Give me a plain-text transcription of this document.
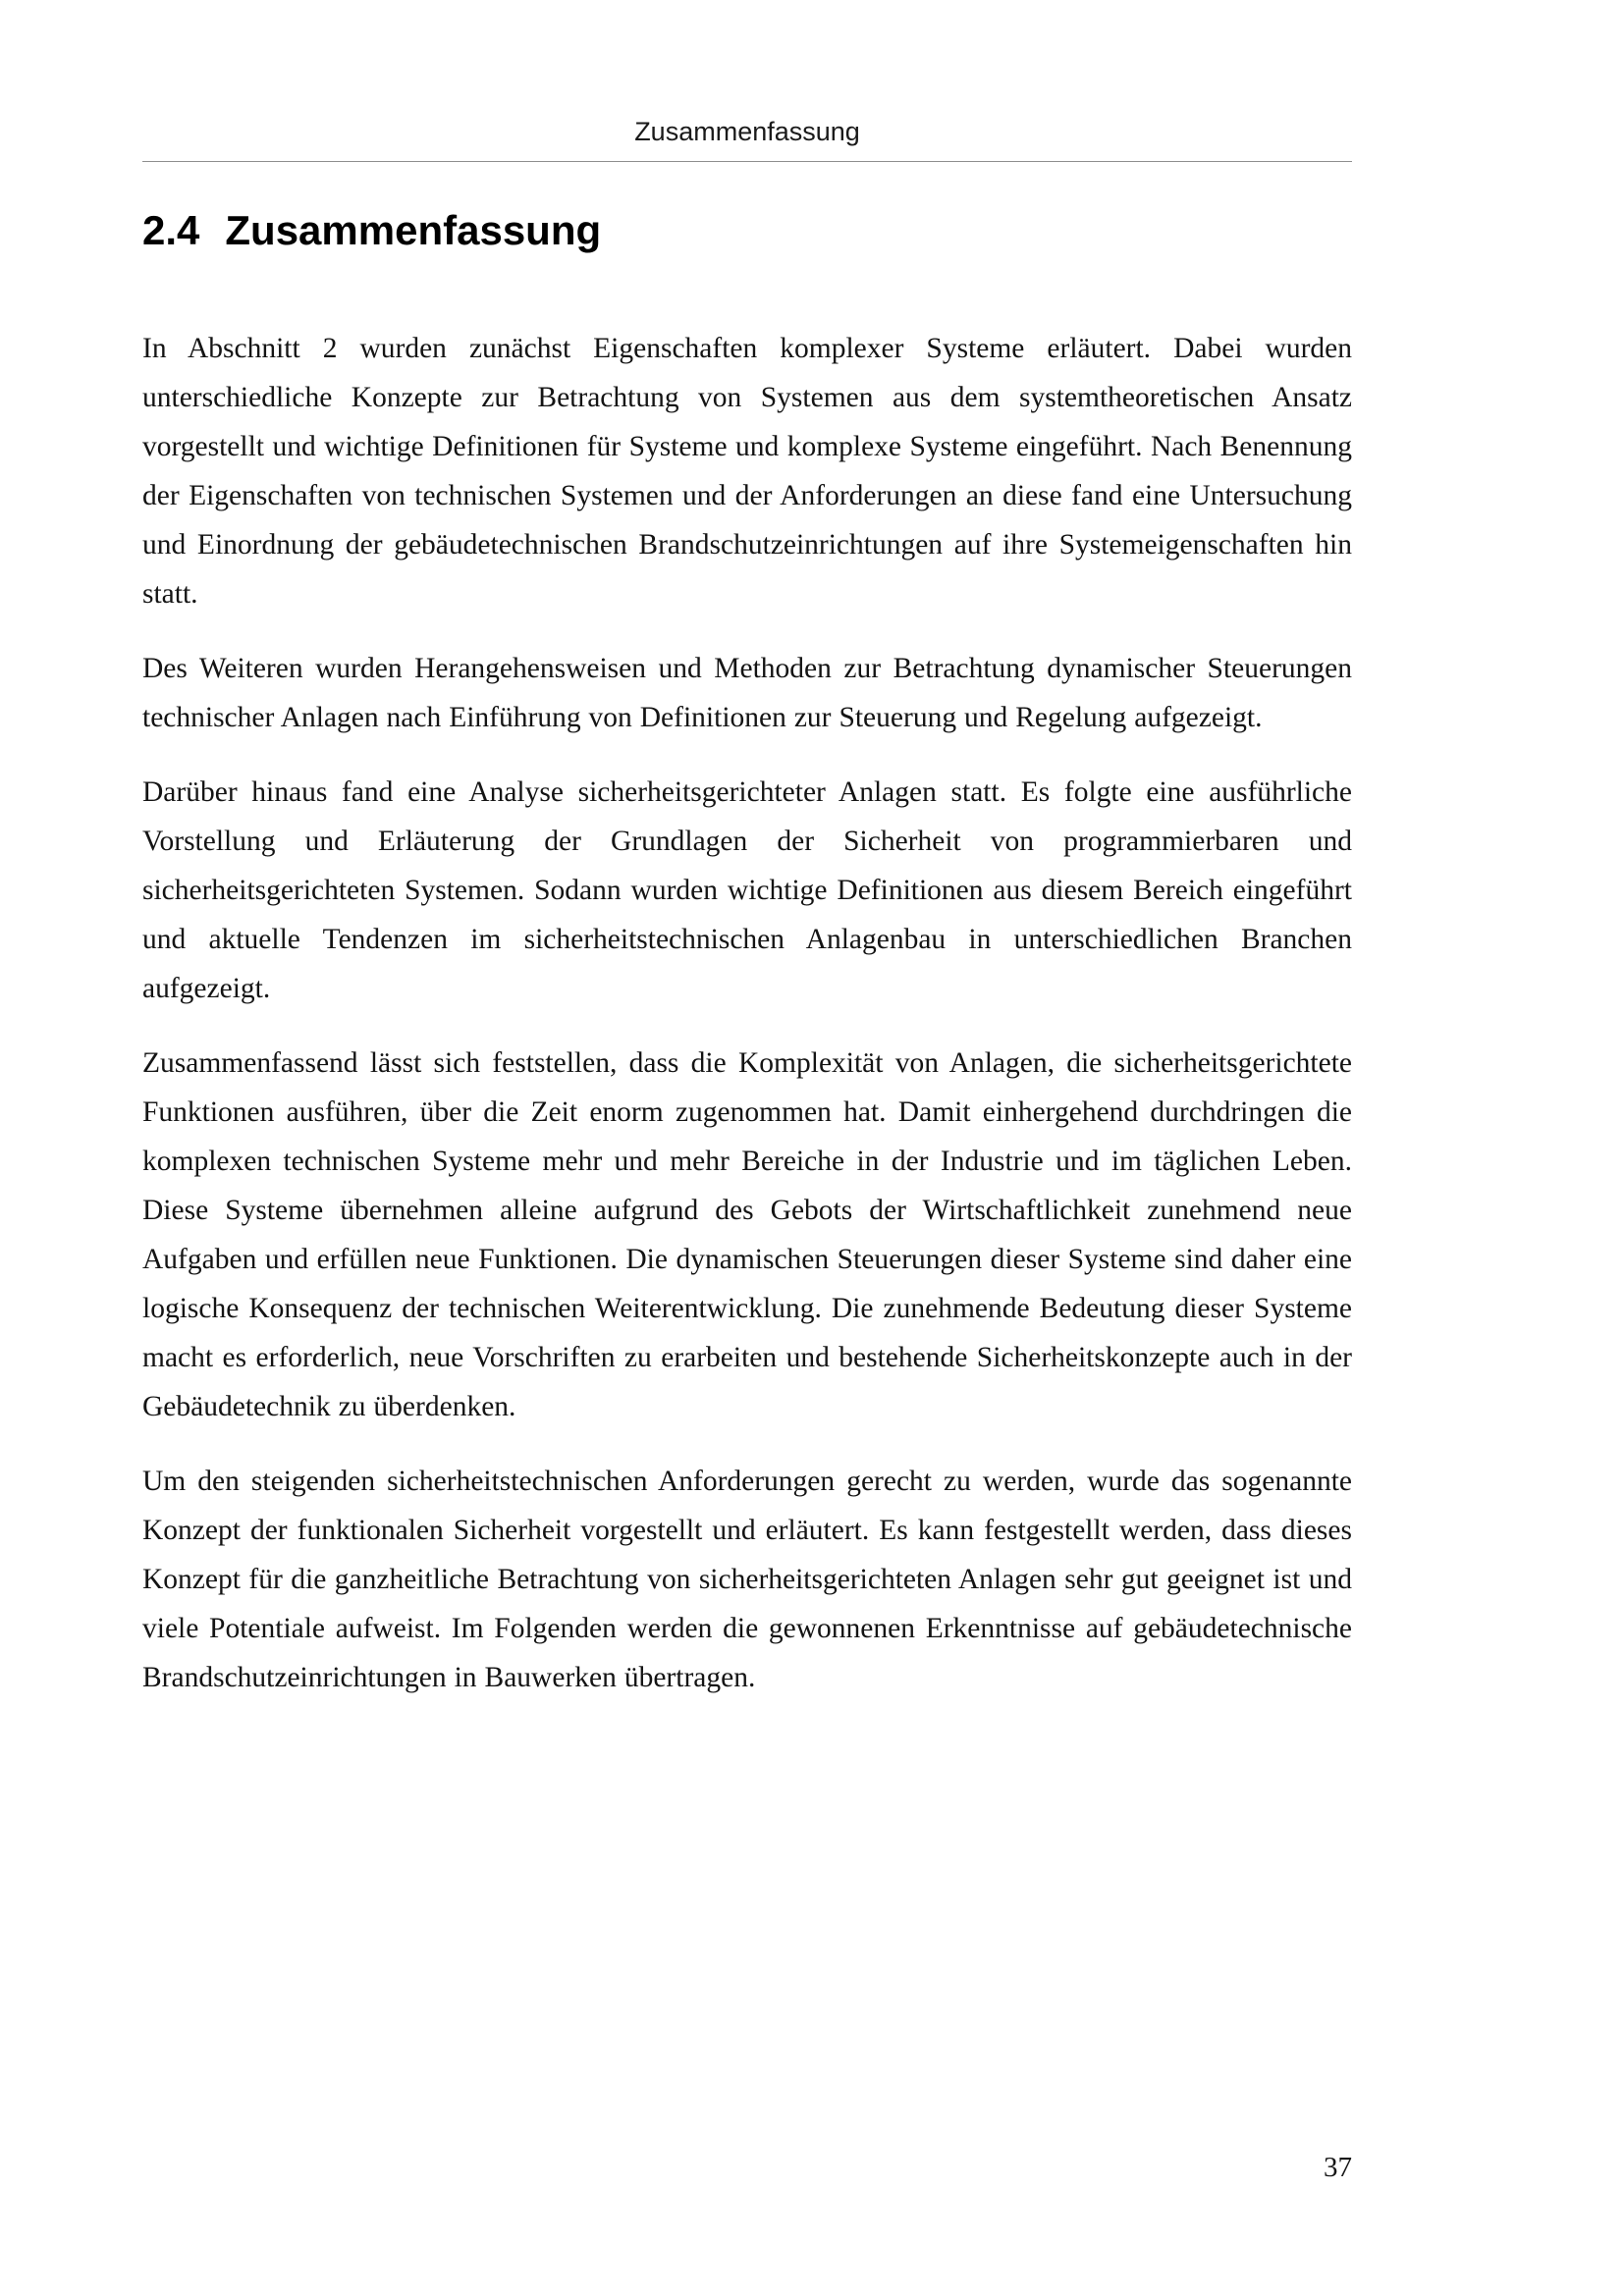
Zusammenfassung
2.4 Zusammenfassung

In Abschnitt 2 wurden zunächst Eigenschaften komplexer Systeme erläutert. Dabei wurden unterschiedliche Konzepte zur Betrachtung von Systemen aus dem systemtheoretischen Ansatz vorgestellt und wichtige Definitionen für Systeme und komplexe Systeme eingeführt. Nach Benennung der Eigenschaften von technischen Systemen und der Anforderungen an diese fand eine Untersuchung und Einordnung der gebäudetechnischen Brandschutzeinrichtungen auf ihre Systemeigenschaften hin statt.

Des Weiteren wurden Herangehensweisen und Methoden zur Betrachtung dynamischer Steuerungen technischer Anlagen nach Einführung von Definitionen zur Steuerung und Regelung aufgezeigt.

Darüber hinaus fand eine Analyse sicherheitsgerichteter Anlagen statt. Es folgte eine ausführliche Vorstellung und Erläuterung der Grundlagen der Sicherheit von programmierbaren und sicherheitsgerichteten Systemen. Sodann wurden wichtige Definitionen aus diesem Bereich eingeführt und aktuelle Tendenzen im sicherheitstechnischen Anlagenbau in unterschiedlichen Branchen aufgezeigt.

Zusammenfassend lässt sich feststellen, dass die Komplexität von Anlagen, die sicherheitsgerichtete Funktionen ausführen, über die Zeit enorm zugenommen hat. Damit einhergehend durchdringen die komplexen technischen Systeme mehr und mehr Bereiche in der Industrie und im täglichen Leben. Diese Systeme übernehmen alleine aufgrund des Gebots der Wirtschaftlichkeit zunehmend neue Aufgaben und erfüllen neue Funktionen. Die dynamischen Steuerungen dieser Systeme sind daher eine logische Konsequenz der technischen Weiterentwicklung. Die zunehmende Bedeutung dieser Systeme macht es erforderlich, neue Vorschriften zu erarbeiten und bestehende Sicherheitskonzepte auch in der Gebäudetechnik zu überdenken.

Um den steigenden sicherheitstechnischen Anforderungen gerecht zu werden, wurde das sogenannte Konzept der funktionalen Sicherheit vorgestellt und erläutert. Es kann festgestellt werden, dass dieses Konzept für die ganzheitliche Betrachtung von sicherheitsgerichteten Anlagen sehr gut geeignet ist und viele Potentiale aufweist. Im Folgenden werden die gewonnenen Erkenntnisse auf gebäudetechnische Brandschutzeinrichtungen in Bauwerken übertragen.

37
